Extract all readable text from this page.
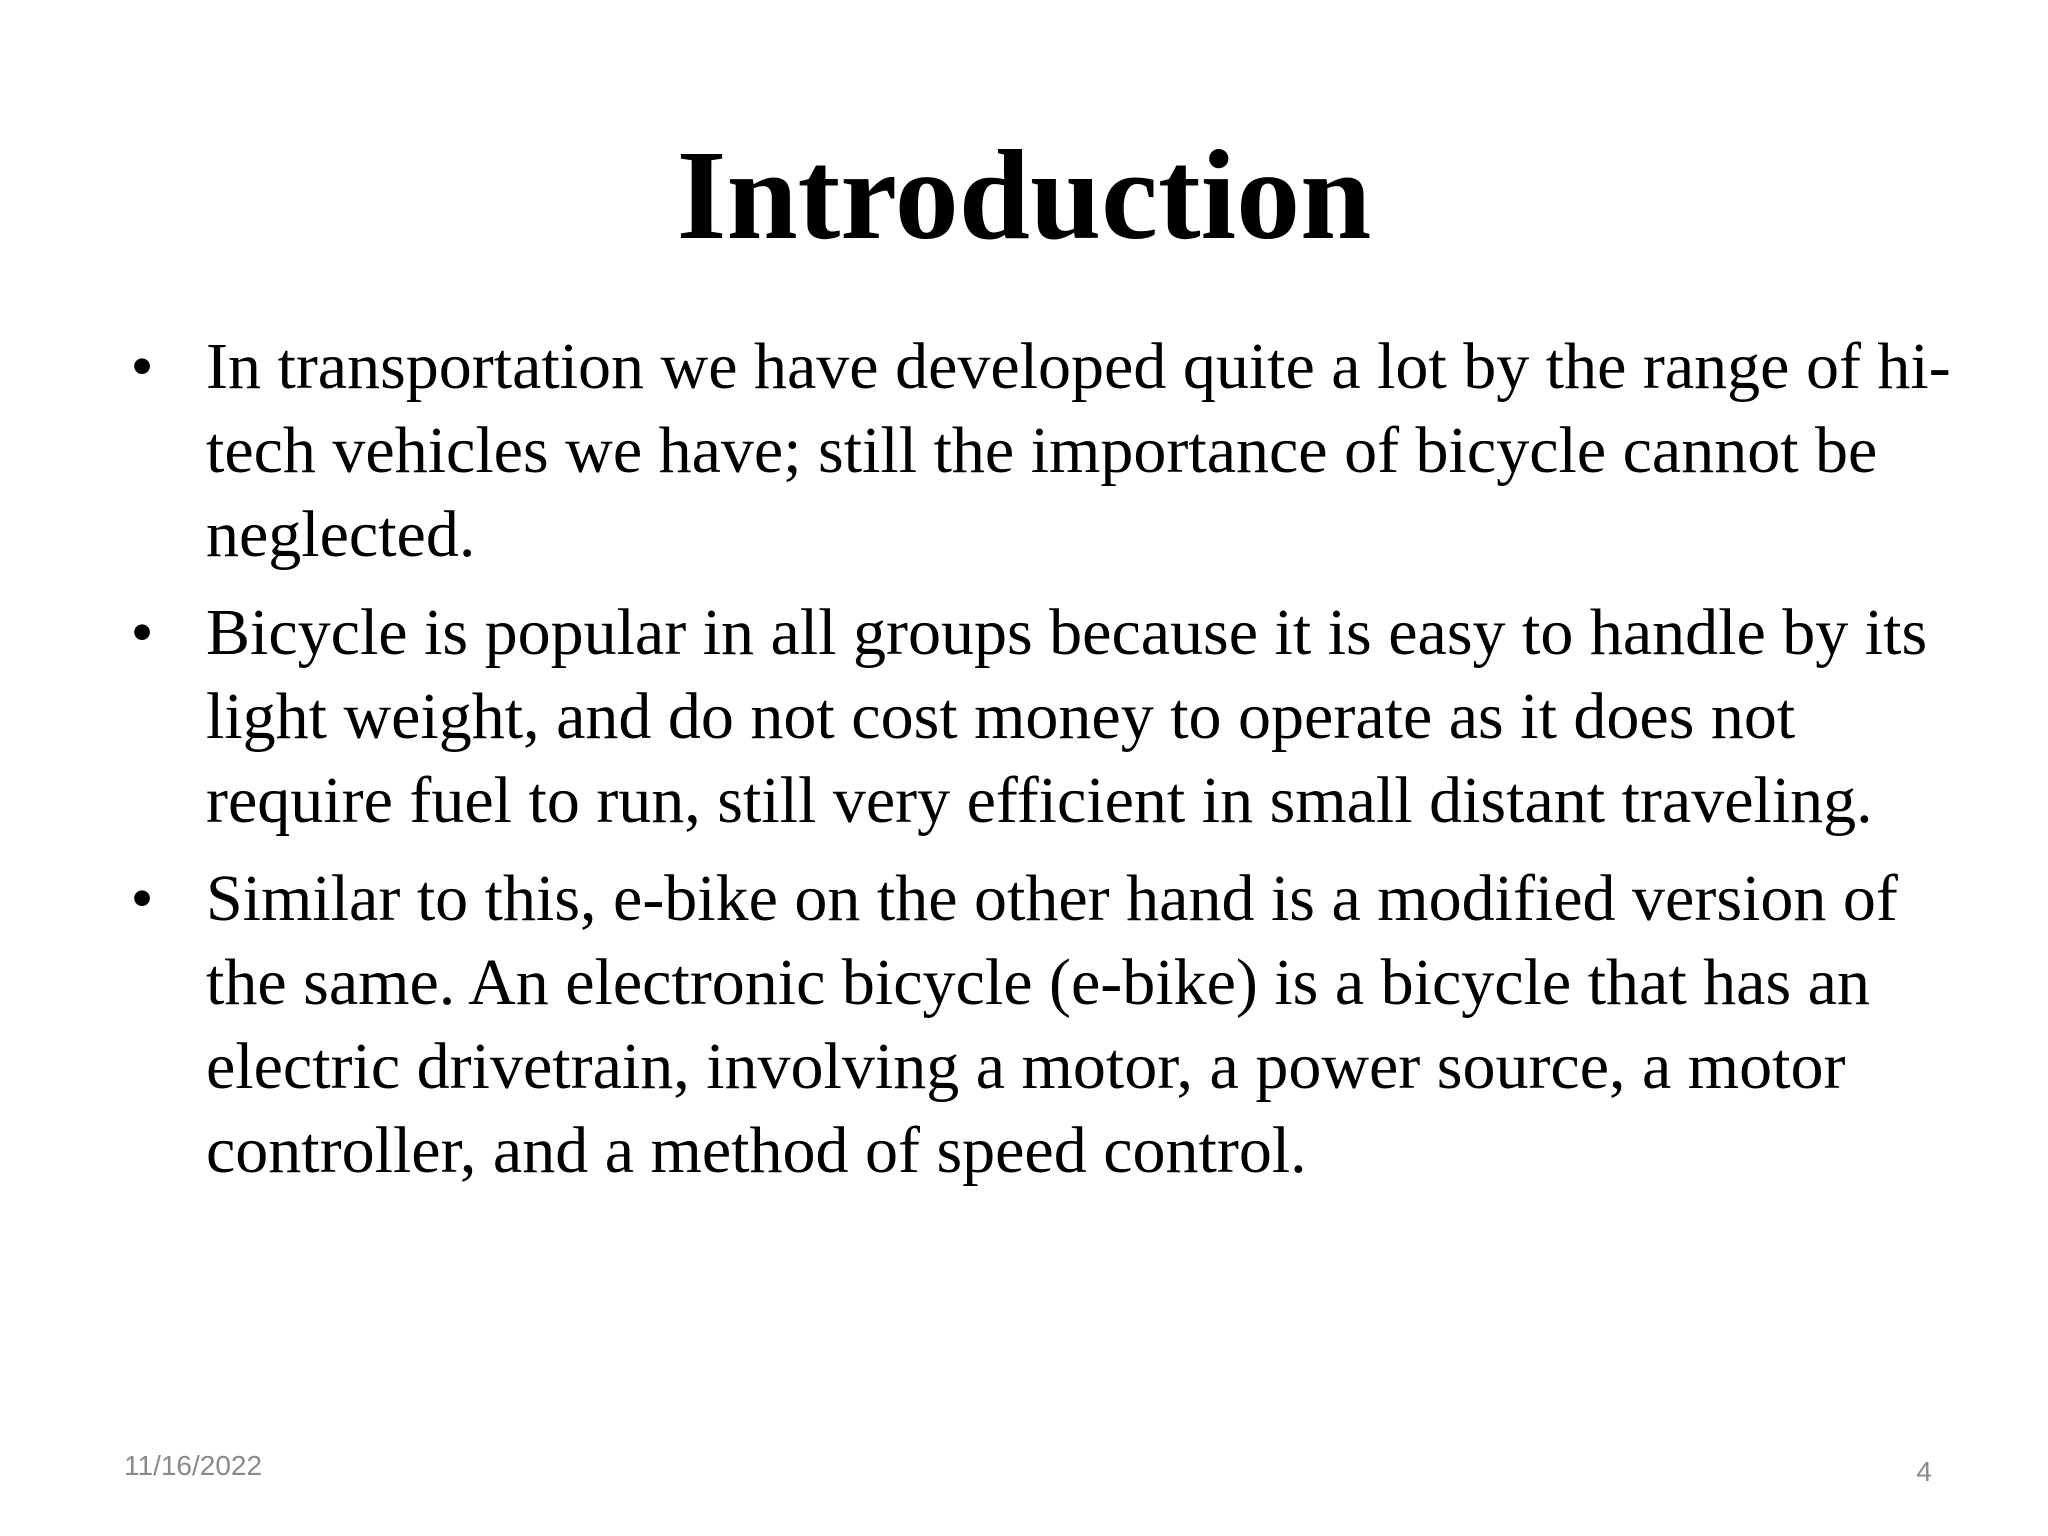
Introduction
• In transportation we have developed quite a lot by the range of hi-tech vehicles we have; still the importance of bicycle cannot be neglected.
• Bicycle is popular in all groups because it is easy to handle by its light weight, and do not cost money to operate as it does not require fuel to run, still very efficient in small distant traveling.
• Similar to this, e-bike on the other hand is a modified version of the same. An electronic bicycle (e-bike) is a bicycle that has an electric drivetrain, involving a motor, a power source, a motor controller, and a method of speed control.
11/16/2022	4
